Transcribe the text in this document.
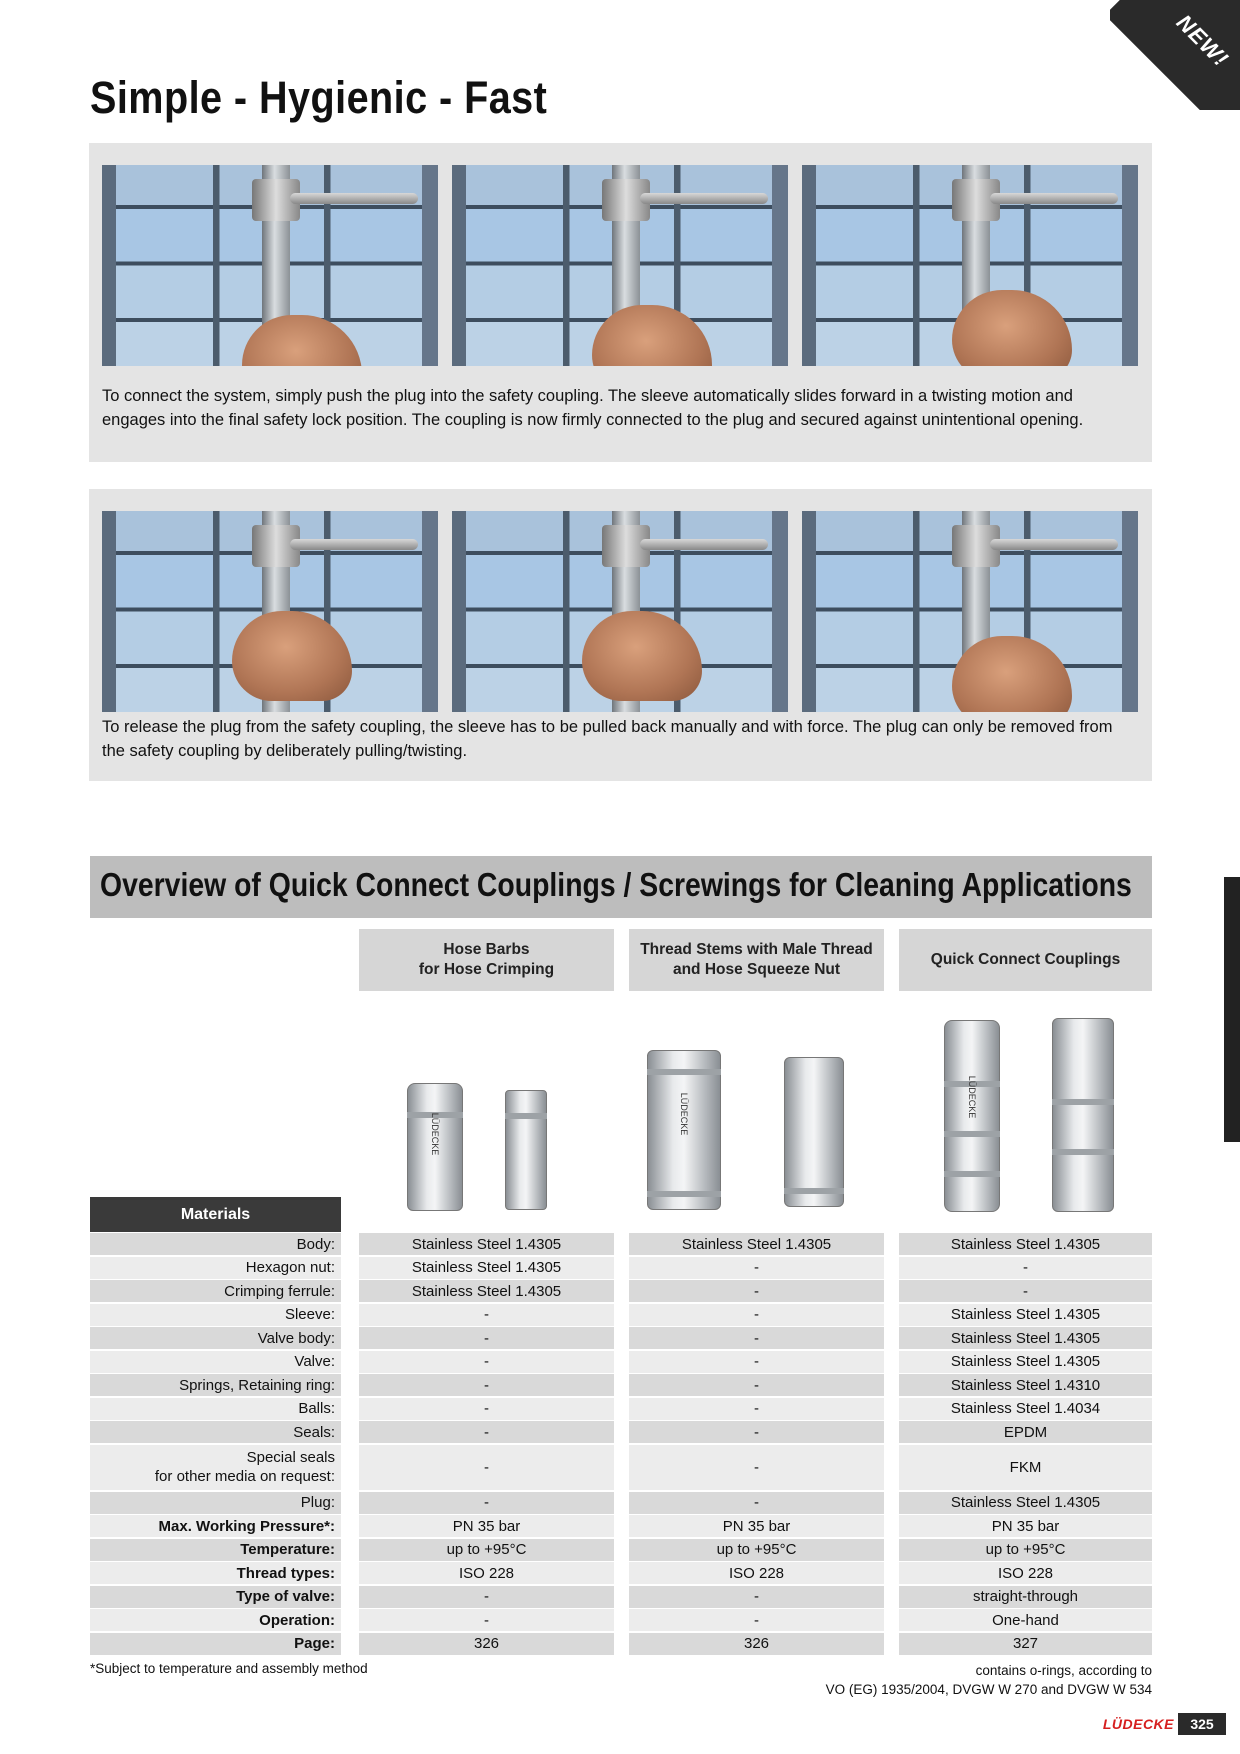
NEW!
Simple - Hygienic - Fast
To connect the system, simply push the plug into the safety coupling. The sleeve automatically slides forward in a twisting motion and engages into the final safety lock position. The coupling is now firmly connected to the plug and secured against unintentional opening.
To release the plug from the safety coupling, the sleeve has to be pulled back manually and with force. The plug can only be removed from the safety coupling by deliberately pulling/twisting.
Overview of Quick Connect Couplings / Screwings for Cleaning Applications
Hose Barbs
for Hose Crimping
Thread Stems with Male Thread
and Hose Squeeze Nut
Quick Connect Couplings
LÜDECKE	LÜDECKE	LÜDECKE
Materials
Body:	Stainless Steel 1.4305	Stainless Steel 1.4305	Stainless Steel 1.4305
Hexagon nut:	Stainless Steel 1.4305	-	-
Crimping ferrule:	Stainless Steel 1.4305	-	-
Sleeve:	-	-	Stainless Steel 1.4305
Valve body:	-	-	Stainless Steel 1.4305
Valve:	-	-	Stainless Steel 1.4305
Springs, Retaining ring:	-	-	Stainless Steel 1.4310
Balls:	-	-	Stainless Steel 1.4034
Seals:	-	-	EPDM
Special seals
for other media on request:
-	-	FKM
Plug:	-	-	Stainless Steel 1.4305
Max. Working Pressure*:	PN 35 bar	PN 35 bar	PN 35 bar
Temperature:	up to +95°C	up to +95°C	up to +95°C
Thread types:	ISO 228	ISO 228	ISO 228
Type of valve:	-	-	straight-through
Operation:	-	-	One-hand
Page:	326	326	327
*Subject to temperature and assembly method	contains o-rings, according to
VO (EG) 1935/2004, DVGW W 270 and DVGW W 534
LÜDECKE	325
